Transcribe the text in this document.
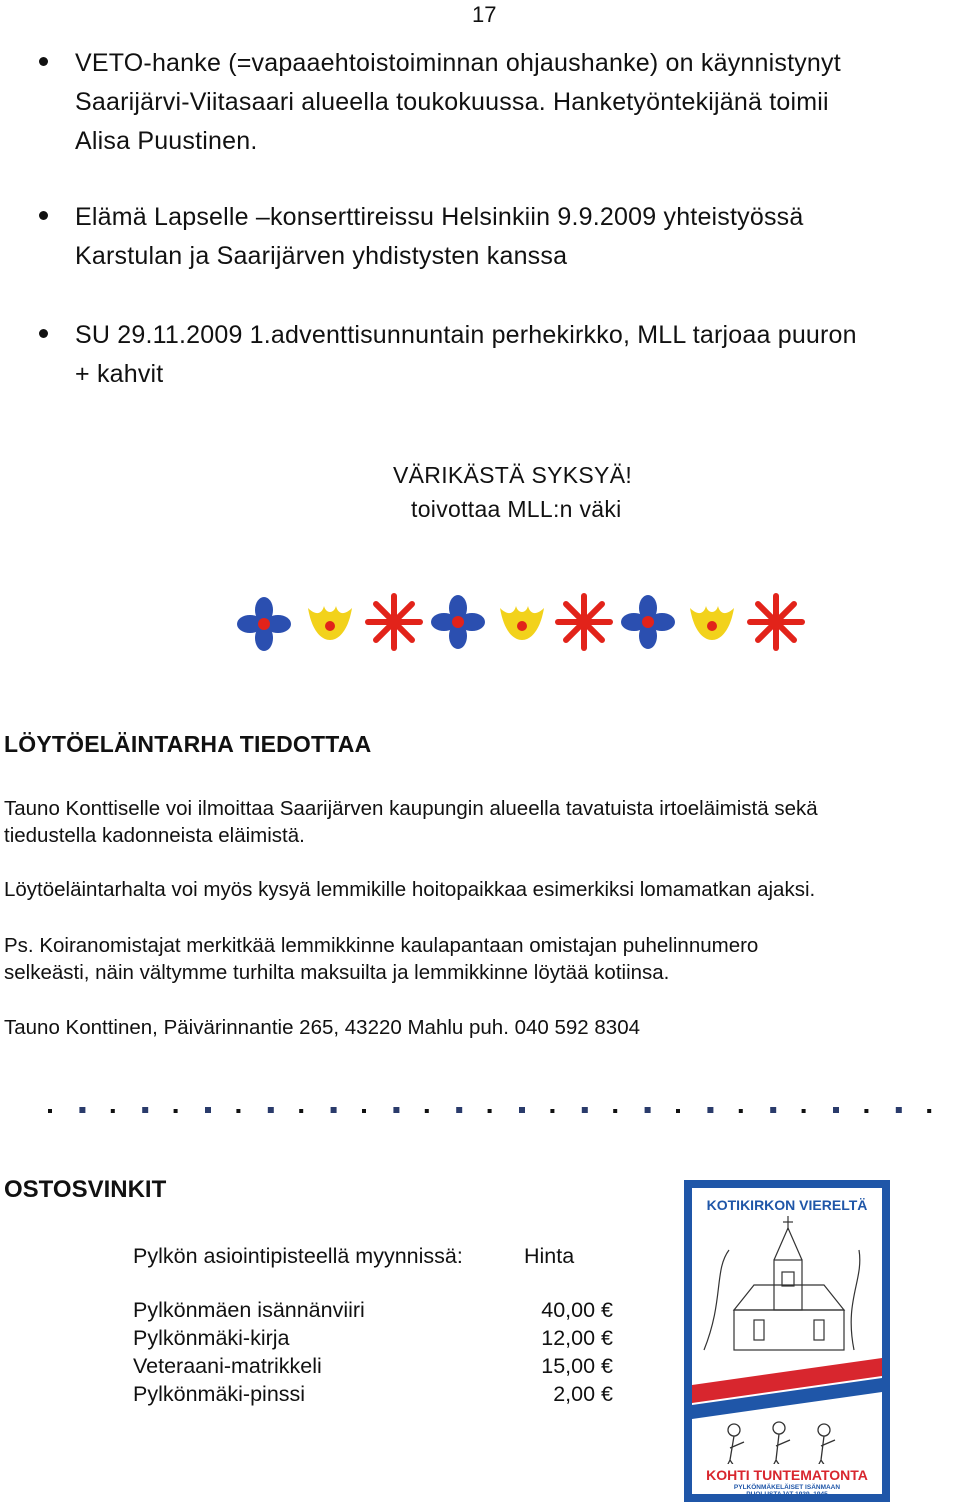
17
VETO-hanke (=vapaaehtoistoiminnan ohjaushanke) on käynnistynyt
Saarijärvi-Viitasaari alueella toukokuussa. Hanketyöntekijänä toimii
Alisa Puustinen.
Elämä Lapselle –konserttireissu Helsinkiin 9.9.2009 yhteistyössä
Karstulan ja Saarijärven yhdistysten kanssa
SU 29.11.2009 1.adventtisunnuntain perhekirkko, MLL tarjoaa puuron
+ kahvit
VÄRIKÄSTÄ SYKSYÄ!
toivottaa MLL:n väki
LÖYTÖELÄINTARHA TIEDOTTAA
Tauno Konttiselle voi ilmoittaa Saarijärven kaupungin alueella tavatuista irtoeläimistä sekä
tiedustella kadonneista eläimistä.
Löytöeläintarhalta voi myös kysyä lemmikille hoitopaikkaa esimerkiksi lomamatkan ajaksi.
Ps. Koiranomistajat merkitkää lemmikkinne kaulapantaan omistajan puhelinnumero
selkeästi, näin vältymme turhilta maksuilta ja lemmikkinne löytää kotiinsa.
Tauno Konttinen, Päivärinnantie 265, 43220 Mahlu puh. 040 592 8304
OSTOSVINKIT
Pylkön asiointipisteellä myynnissä:	Hinta
Pylkönmäen isännänviiri	40,00 €
Pylkönmäki-kirja	12,00 €
Veteraani-matrikkeli	15,00 €
Pylkönmäki-pinssi	2,00 €
KOTIKIRKON VIERELTÄ
KOHTI TUNTEMATONTA
PYLKÖNMÄKELÄISET ISÄNMAAN
PUOLUSTAJAT 1939–1945
